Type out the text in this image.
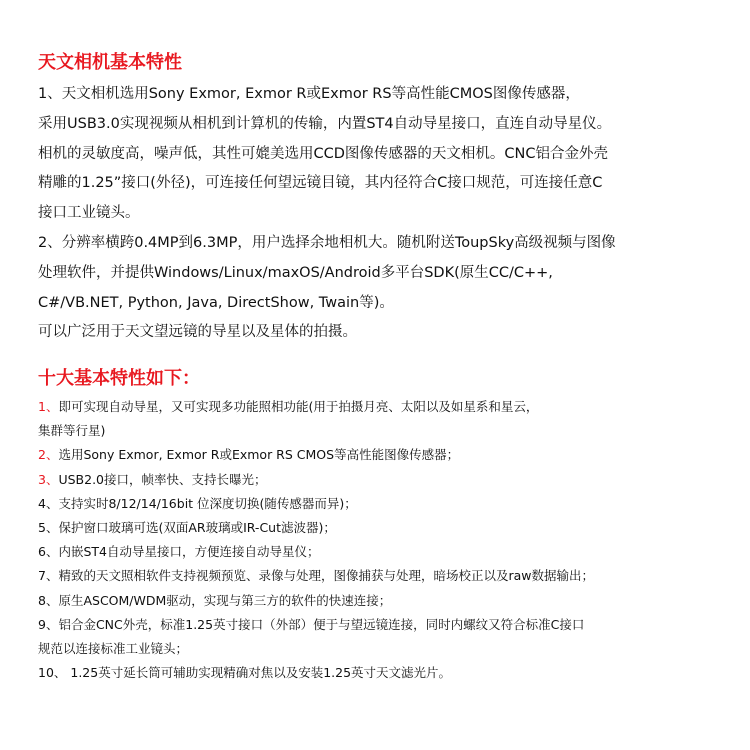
天文相机基本特性
1、天文相机选用Sony Exmor, Exmor R或Exmor RS等高性能CMOS图像传感器，
采用USB3.0实现视频从相机到计算机的传输，内置ST4自动导星接口，直连自动导星仪。
相机的灵敏度高，噪声低，其性可媲美选用CCD图像传感器的天文相机。CNC铝合金外壳
精雕的1.25”接口(外径)，可连接任何望远镜目镜，其内径符合C接口规范，可连接任意C
接口工业镜头。
2、分辨率横跨0.4MP到6.3MP，用户选择余地相机大。随机附送ToupSky高级视频与图像
处理软件，并提供Windows/Linux/maxOS/Android多平台SDK(原生CC/C++,
C#/VB.NET, Python, Java, DirectShow, Twain等)。
可以广泛用于天文望远镜的导星以及星体的拍摄。
十大基本特性如下：
1、即可实现自动导星，又可实现多功能照相功能(用于拍摄月亮、太阳以及如星系和星云，
集群等行星)
2、选用Sony Exmor, Exmor R或Exmor RS CMOS等高性能图像传感器；
3、USB2.0接口，帧率快、支持长曝光；
4、支持实时8/12/14/16bit 位深度切换(随传感器而异)；
5、保护窗口玻璃可选(双面AR玻璃或IR-Cut滤波器)；
6、内嵌ST4自动导星接口，方便连接自动导星仪；
7、精致的天文照相软件支持视频预览、录像与处理，图像捕获与处理，暗场校正以及raw数据输出；
8、原生ASCOM/WDM驱动，实现与第三方的软件的快速连接；
9、铝合金CNC外壳，标准1.25英寸接口（外部）便于与望远镜连接，同时内螺纹又符合标准C接口
规范以连接标准工业镜头；
10、 1.25英寸延长筒可辅助实现精确对焦以及安装1.25英寸天文滤光片。
